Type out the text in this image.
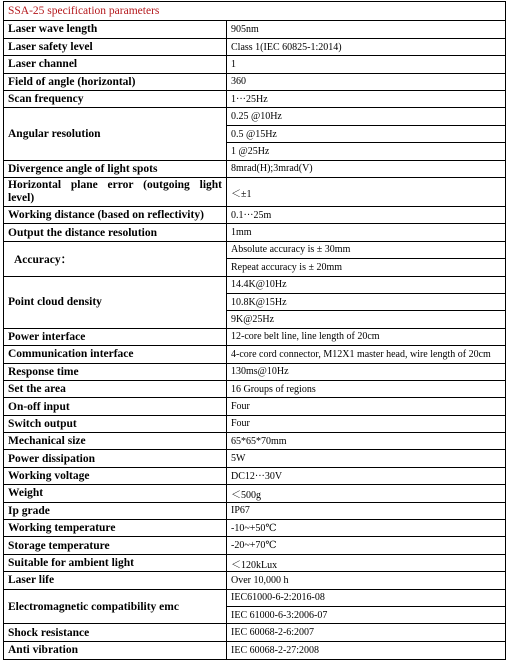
SSA-25 specification parameters
Laser wave length	905nm
Laser safety level	Class 1(IEC 60825-1:2014)
Laser channel	1
Field of angle (horizontal)	360
Scan frequency	1···25Hz
Angular resolution	0.25 @10Hz
	0.5 @15Hz
	1 @25Hz
Divergence angle of light spots	8mrad(H);3mrad(V)
Horizontal plane error (outgoing light level)	＜±1
Working distance (based on reflectivity)	0.1···25m
Output the distance resolution	1mm
Accuracy：	Absolute accuracy is ± 30mm
	Repeat accuracy is ± 20mm
Point cloud density	14.4K@10Hz
	10.8K@15Hz
	9K@25Hz
Power interface	12-core belt line, line length of 20cm
Communication interface	4-core cord connector, M12X1 master head, wire length of 20cm
Response time	130ms@10Hz
Set the area	16 Groups of regions
On-off input	Four
Switch output	Four
Mechanical size	65*65*70mm
Power dissipation	5W
Working voltage	DC12···30V
Weight	＜500g
Ip grade	IP67
Working temperature	-10~+50℃
Storage temperature	-20~+70℃
Suitable for ambient light	＜120kLux
Laser life	Over 10,000 h
Electromagnetic compatibility emc	IEC61000-6-2:2016-08
	IEC 61000-6-3:2006-07
Shock resistance	IEC 60068-2-6:2007
Anti vibration	IEC 60068-2-27:2008
